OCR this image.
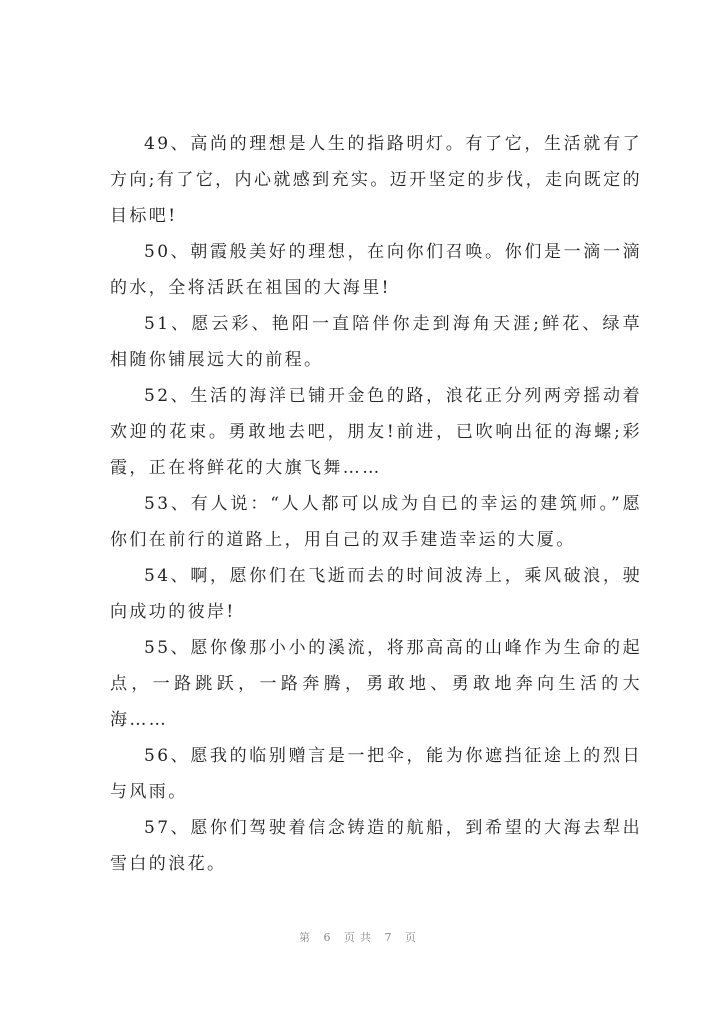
49、高尚的理想是人生的指路明灯。有了它，生活就有了方向;有了它，内心就感到充实。迈开坚定的步伐，走向既定的目标吧!

50、朝霞般美好的理想，在向你们召唤。你们是一滴一滴的水，全将活跃在祖国的大海里!

51、愿云彩、艳阳一直陪伴你走到海角天涯;鲜花、绿草相随你铺展远大的前程。

52、生活的海洋已铺开金色的路，浪花正分列两旁摇动着欢迎的花束。勇敢地去吧，朋友!前进，已吹响出征的海螺;彩霞，正在将鲜花的大旗飞舞……

53、有人说：“人人都可以成为自已的幸运的建筑师。”愿你们在前行的道路上，用自己的双手建造幸运的大厦。

54、啊，愿你们在飞逝而去的时间波涛上，乘风破浪，驶向成功的彼岸!

55、愿你像那小小的溪流，将那高高的山峰作为生命的起点，一路跳跃，一路奔腾，勇敢地、勇敢地奔向生活的大海……

56、愿我的临别赠言是一把伞，能为你遮挡征途上的烈日与风雨。

57、愿你们驾驶着信念铸造的航船，到希望的大海去犁出雪白的浪花。

第 6 页共 7 页
